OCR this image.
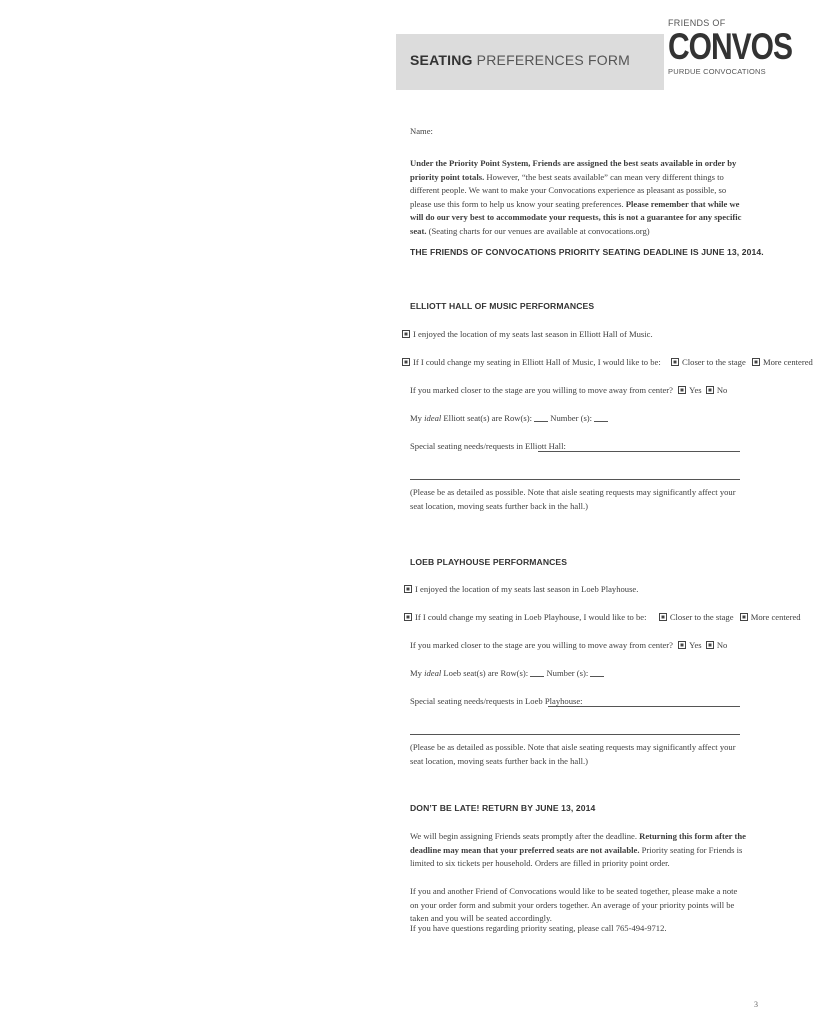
SEATING PREFERENCES FORM
FRIENDS OF
CONVOS
PURDUE CONVOCATIONS
Name:
Under the Priority Point System, Friends are assigned the best seats available in order by priority point totals. However, “the best seats available” can mean very different things to different people. We want to make your Convocations experience as pleasant as possible, so please use this form to help us know your seating preferences. Please remember that while we will do our very best to accommodate your requests, this is not a guarantee for any specific seat. (Seating charts for our venues are available at convocations.org)
THE FRIENDS OF CONVOCATIONS PRIORITY SEATING DEADLINE IS JUNE 13, 2014.
ELLIOTT HALL OF MUSIC PERFORMANCES
I enjoyed the location of my seats last season in Elliott Hall of Music.
If I could change my seating in Elliott Hall of Music, I would like to be: Closer to the stage More centered
If you marked closer to the stage are you willing to move away from center? Yes No
My ideal Elliott seat(s) are Row(s): Number (s):
Special seating needs/requests in Elliott Hall:
(Please be as detailed as possible. Note that aisle seating requests may significantly affect your seat location, moving seats further back in the hall.)
LOEB PLAYHOUSE PERFORMANCES
I enjoyed the location of my seats last season in Loeb Playhouse.
If I could change my seating in Loeb Playhouse, I would like to be:	Closer to the stage More centered
If you marked closer to the stage are you willing to move away from center? Yes No
My ideal Loeb seat(s) are Row(s): Number (s):
Special seating needs/requests in Loeb Playhouse:
(Please be as detailed as possible. Note that aisle seating requests may significantly affect your seat location, moving seats further back in the hall.)
DON’T BE LATE! RETURN BY JUNE 13, 2014
We will begin assigning Friends seats promptly after the deadline. Returning this form after the deadline may mean that your preferred seats are not available. Priority seating for Friends is limited to six tickets per household. Orders are filled in priority point order.
If you and another Friend of Convocations would like to be seated together, please make a note on your order form and submit your orders together. An average of your priority points will be taken and you will be seated accordingly.
If you have questions regarding priority seating, please call 765-494-9712.
3
